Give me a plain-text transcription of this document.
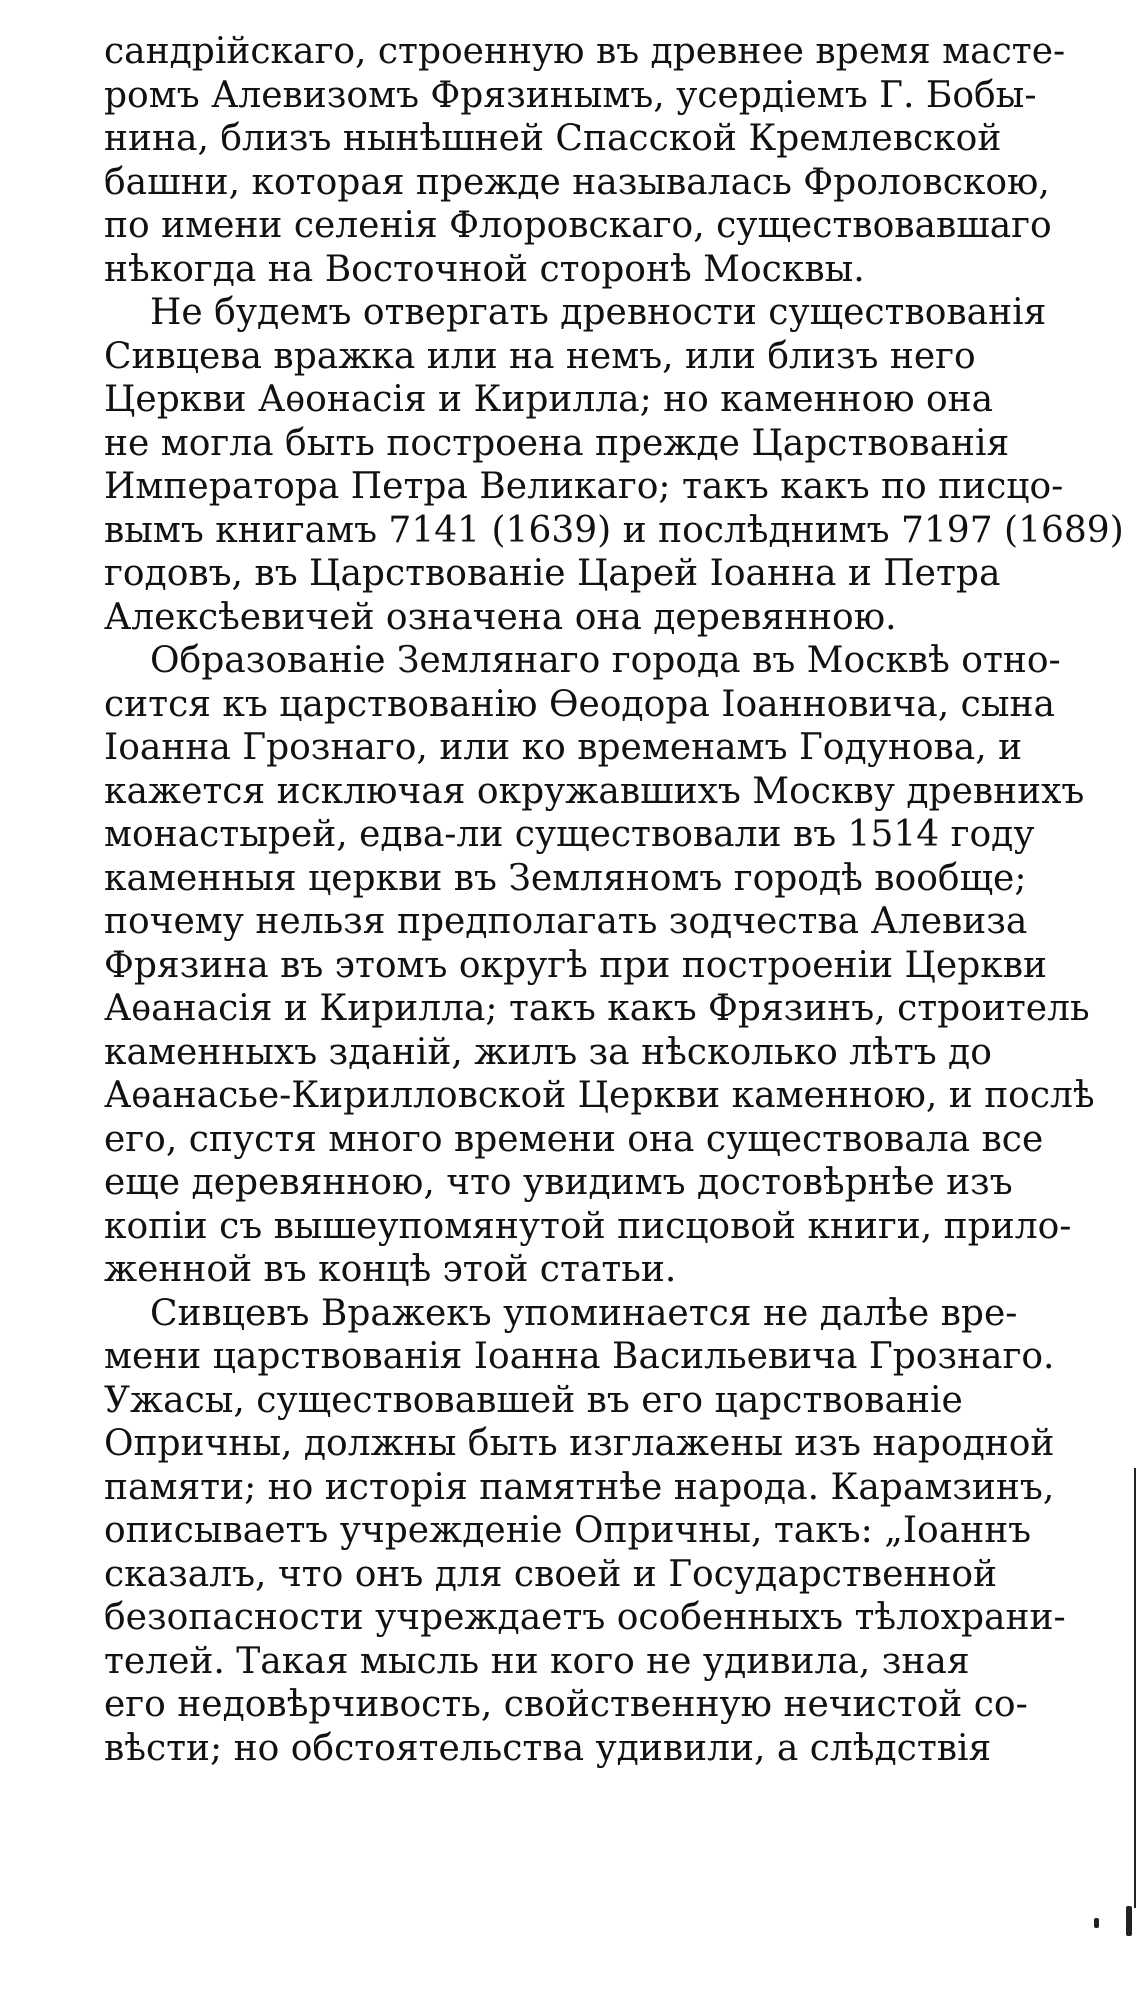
сандрійскаго, строенную въ древнее время масте-
ромъ Алевизомъ Фрязинымъ, усердіемъ Г. Бобы-
нина, близъ нынѣшней Спасской Кремлевской
башни, которая прежде называлась Фроловскою,
по имени селенія Флоровскаго, существовавшаго
нѣкогда на Восточной сторонѣ Москвы.
Не будемъ отвергать древности существованія
Сивцева вражка или на немъ, или близъ него
Церкви Аѳонасія и Кирилла; но каменною она
не могла быть построена прежде Царствованія
Императора Петра Великаго; такъ какъ по писцо-
вымъ книгамъ 7141 (1639) и послѣднимъ 7197 (1689)
годовъ, въ Царствованіе Царей Іоанна и Петра
Алексѣевичей означена она деревянною.
Образованіе Землянаго города въ Москвѣ отно-
сится къ царствованію Ѳеодора Іоанновича, сына
Іоанна Грознаго, или ко временамъ Годунова, и
кажется исключая окружавшихъ Москву древнихъ
монастырей, едва-ли существовали въ 1514 году
каменныя церкви въ Земляномъ городѣ вообще;
почему нельзя предполагать зодчества Алевиза
Фрязина въ этомъ округѣ при построеніи Церкви
Аѳанасія и Кирилла; такъ какъ Фрязинъ, строитель
каменныхъ зданій, жилъ за нѣсколько лѣтъ до
Аѳанасье-Кирилловской Церкви каменною, и послѣ
его, спустя много времени она существовала все
еще деревянною, что увидимъ достовѣрнѣе изъ
копіи съ вышеупомянутой писцовой книги, прило-
женной въ концѣ этой статьи.
Сивцевъ Вражекъ упоминается не далѣе вре-
мени царствованія Іоанна Васильевича Грознаго.
Ужасы, существовавшей въ его царствованіе
Опричны, должны быть изглажены изъ народной
памяти; но исторія памятнѣе народа. Карамзинъ,
описываетъ учрежденіе Опричны, такъ: „Іоаннъ
сказалъ, что онъ для своей и Государственной
безопасности учреждаетъ особенныхъ тѣлохрани-
телей. Такая мысль ни кого не удивила, зная
его недовѣрчивость, свойственную нечистой со-
вѣсти; но обстоятельства удивили, а слѣдствія
